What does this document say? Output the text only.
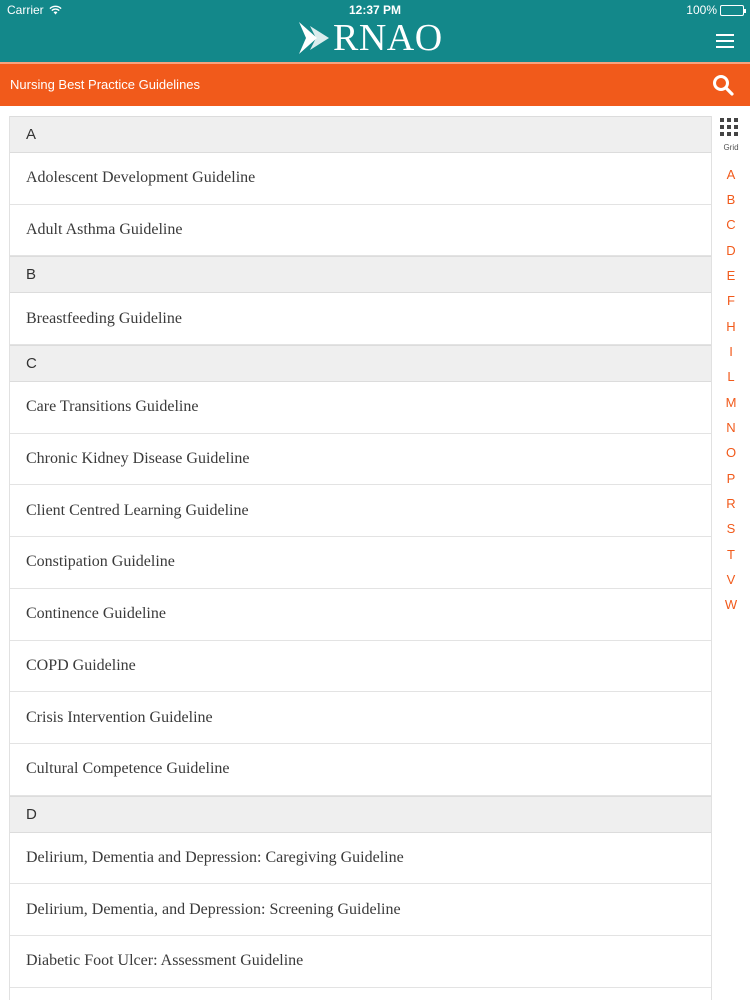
Carrier	12:37 PM	100%
RNAO
Nursing Best Practice Guidelines
A
Adolescent Development Guideline
Adult Asthma Guideline
B
Breastfeeding Guideline
C
Care Transitions Guideline
Chronic Kidney Disease Guideline
Client Centred Learning Guideline
Constipation Guideline
Continence Guideline
COPD Guideline
Crisis Intervention Guideline
Cultural Competence Guideline
D
Delirium, Dementia and Depression: Caregiving Guideline
Delirium, Dementia, and Depression: Screening Guideline
Diabetic Foot Ulcer: Assessment Guideline
Grid
A
B
C
D
E
F
H
I
L
M
N
O
P
R
S
T
V
W
